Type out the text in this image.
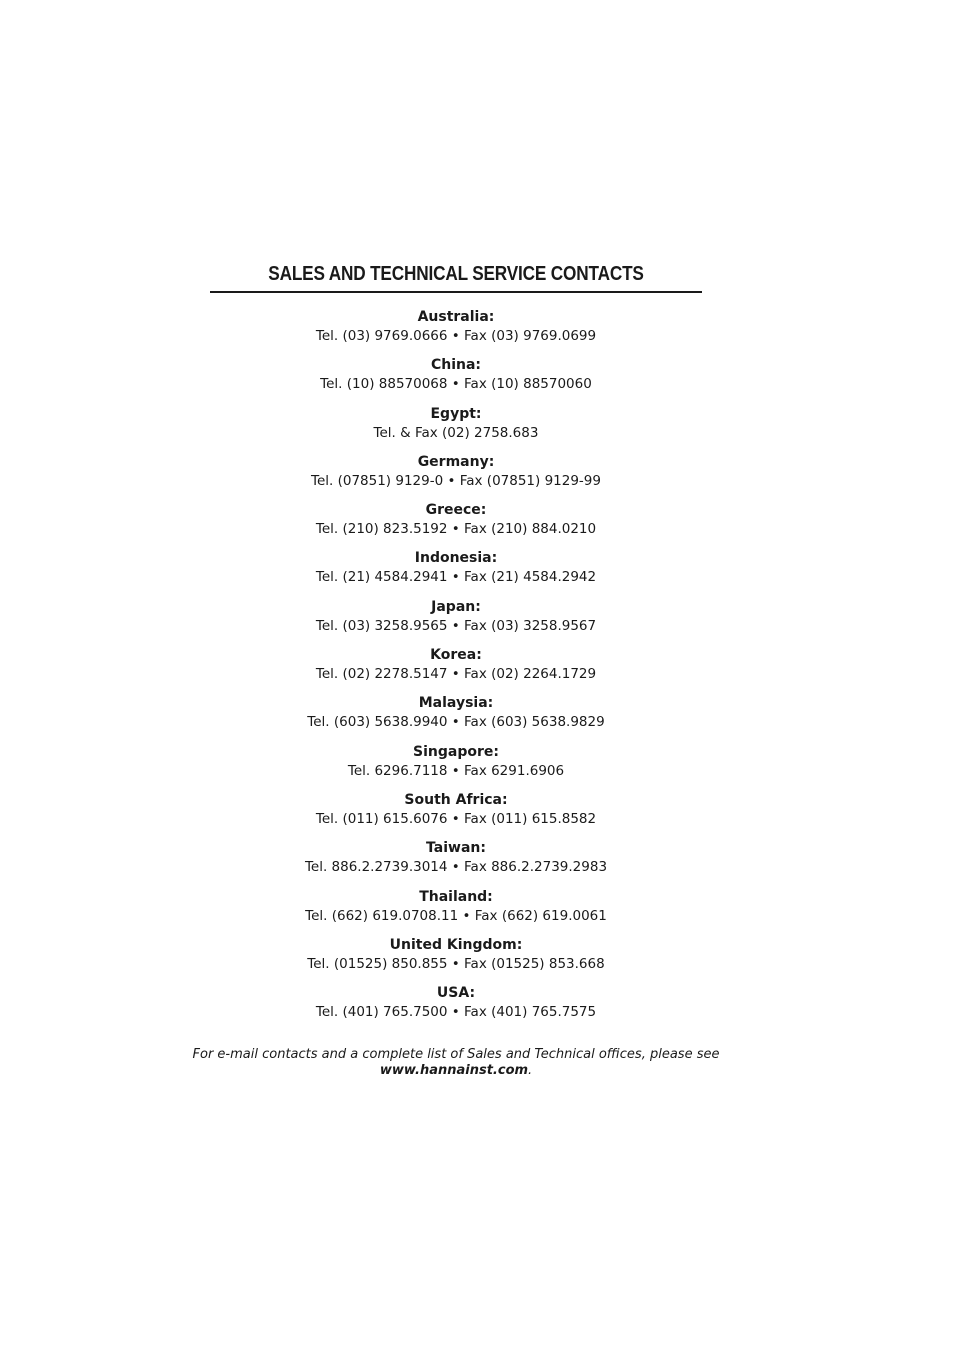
SALES AND TECHNICAL SERVICE CONTACTS
Australia:
Tel. (03) 9769.0666 • Fax (03) 9769.0699
China:
Tel. (10) 88570068 • Fax (10) 88570060
Egypt:
Tel. & Fax (02) 2758.683
Germany:
Tel. (07851) 9129-0 • Fax (07851) 9129-99
Greece:
Tel. (210) 823.5192 • Fax (210) 884.0210
Indonesia:
Tel. (21) 4584.2941 • Fax (21) 4584.2942
Japan:
Tel. (03) 3258.9565 • Fax (03) 3258.9567
Korea:
Tel. (02) 2278.5147 • Fax (02) 2264.1729
Malaysia:
Tel. (603) 5638.9940 • Fax (603) 5638.9829
Singapore:
Tel. 6296.7118 • Fax 6291.6906
South Africa:
Tel. (011) 615.6076 • Fax (011) 615.8582
Taiwan:
Tel. 886.2.2739.3014 • Fax 886.2.2739.2983
Thailand:
Tel. (662) 619.0708.11 • Fax (662) 619.0061
United Kingdom:
Tel. (01525) 850.855 • Fax (01525) 853.668
USA:
Tel. (401) 765.7500 • Fax (401) 765.7575
For e-mail contacts and a complete list of Sales and Technical offices, please see
www.hannainst.com.
